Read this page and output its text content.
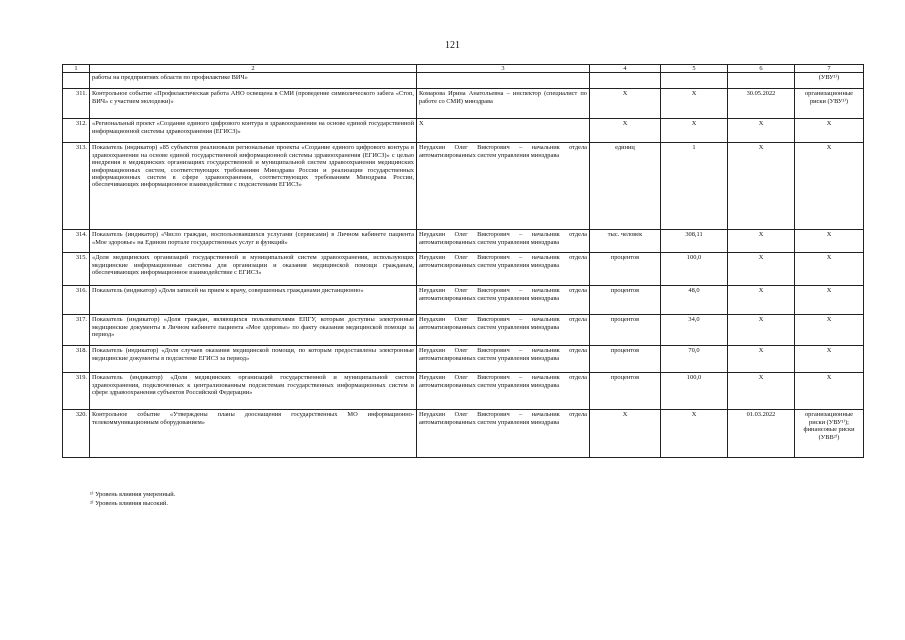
121
1	2	3	4	5	6	7
	работы на предприятиях области по профилактике ВИЧ»					(УВУ¹⁾)
311.	Контрольное событие «Профилактическая работа АНО освещена в СМИ (проведение символического забега «Стоп, ВИЧ» с участием молодежи)»	Комарова Ирина Анатольевна – инспектор (специалист по работе со СМИ) минздрава	X	X	30.05.2022	организационные риски (УВУ¹⁾)
312.	«Региональный проект «Создание единого цифрового контура в здравоохранении на основе единой государственной информационной системы здравоохранения (ЕГИСЗ)»	X	X	X	X	X
313.	Показатель (индикатор) «85 субъектов реализовали региональные проекты «Создание единого цифрового контура в здравоохранении на основе единой государственной информационной системы здравоохранения (ЕГИСЗ)» с целью внедрения в медицинских организациях государственной и муниципальной систем здравоохранения медицинских информационных систем, соответствующих требованиям Минздрава России и реализации государственных информационных систем в сфере здравоохранения, соответствующих требованиям Минздрава России, обеспечивающих информационное взаимодействие с подсистемами ЕГИСЗ»	Неудахин Олег Викторович – начальник отдела автоматизированных систем управления минздрава	единиц	1	X	X
314.	Показатель (индикатор) «Число граждан, воспользовавшихся услугами (сервисами) в Личном кабинете пациента «Мое здоровье» на Едином портале государственных услуг и функций»	Неудахин Олег Викторович – начальник отдела автоматизированных систем управления минздрава	тыс. человек	308,11	X	X
315.	«Доля медицинских организаций государственной и муниципальной систем здравоохранения, использующих медицинские информационные системы для организации и оказания медицинской помощи гражданам, обеспечивающих информационное взаимодействие с ЕГИСЗ»	Неудахин Олег Викторович – начальник отдела автоматизированных систем управления минздрава	процентов	100,0	X	X
316.	Показатель (индикатор) «Доля записей на прием к врачу, совершенных гражданами дистанционно»	Неудахин Олег Викторович – начальник отдела автоматизированных систем управления минздрава	процентов	48,0	X	X
317.	Показатель (индикатор) «Доля граждан, являющихся пользователями ЕПГУ, которым доступны электронные медицинские документы в Личном кабинете пациента «Мое здоровье» по факту оказания медицинской помощи за период»	Неудахин Олег Викторович – начальник отдела автоматизированных систем управления минздрава	процентов	34,0	X	X
318.	Показатель (индикатор) «Доля случаев оказания медицинской помощи, по которым предоставлены электронные медицинские документы в подсистеме ЕГИСЗ за период»	Неудахин Олег Викторович – начальник отдела автоматизированных систем управления минздрава	процентов	70,0	X	X
319.	Показатель (индикатор) «Доля медицинских организаций государственной и муниципальной систем здравоохранения, подключенных к централизованным подсистемам государственных информационных систем в сфере здравоохранения субъектов Российской Федерации»	Неудахин Олег Викторович – начальник отдела автоматизированных систем управления минздрава	процентов	100,0	X	X
320.	Контрольное событие «Утверждены планы дооснащения государственных МО информационно-телекоммуникационным оборудованием»	Неудахин Олег Викторович – начальник отдела автоматизированных систем управления минздрава	X	X	01.03.2022	организационные риски (УВУ¹⁾); финансовые риски (УВВ²⁾)
¹⁾ Уровень влияния умеренный.
²⁾ Уровень влияния высокий.
